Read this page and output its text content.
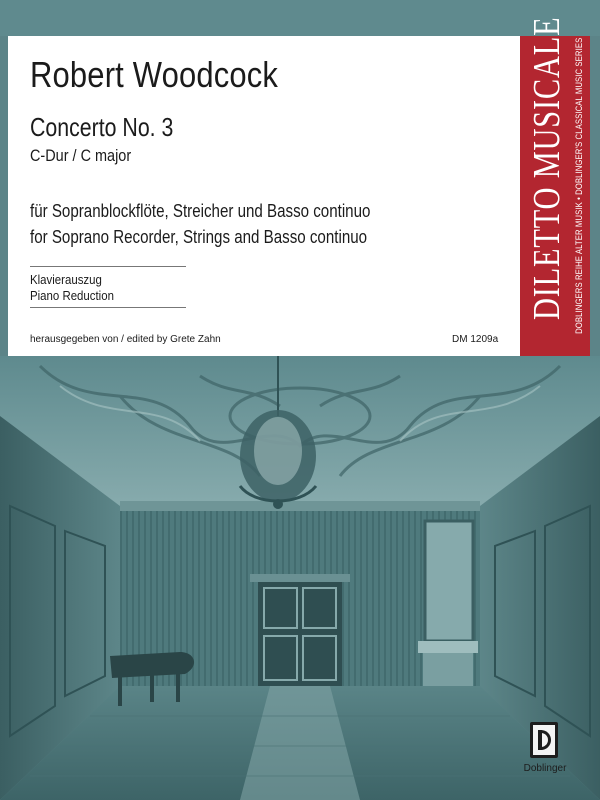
Robert Woodcock
Concerto No. 3
C-Dur / C major
für Sopranblockflöte, Streicher und Basso continuo
for Soprano Recorder, Strings and Basso continuo
Klavierauszug
Piano Reduction
herausgegeben von / edited by Grete Zahn	DM 1209a
DILETTO MUSICALE DOBLINGERS REIHE ALTER MUSIK • DOBLINGER'S CLASSICAL MUSIC SERIES
Doblinger
